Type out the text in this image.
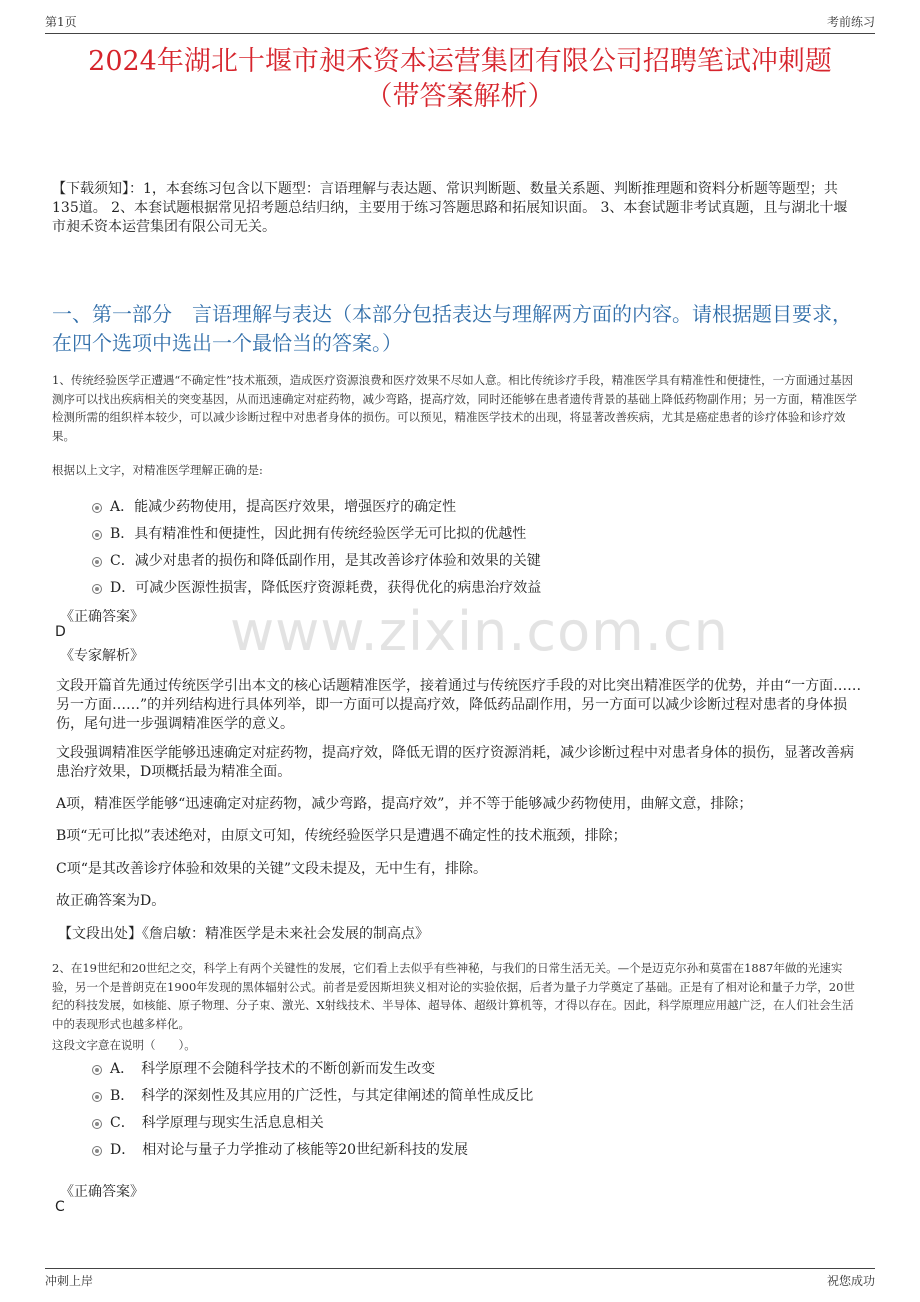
第1页	考前练习
2024年湖北十堰市昶禾资本运营集团有限公司招聘笔试冲刺题
（带答案解析）
【下载须知】：1，本套练习包含以下题型：言语理解与表达题、常识判断题、数量关系题、判断推理题和资料分析题等题型；共135道。 2、本套试题根据常见招考题总结归纳，主要用于练习答题思路和拓展知识面。 3、本套试题非考试真题，且与湖北十堰市昶禾资本运营集团有限公司无关。
一、第一部分　言语理解与表达（本部分包括表达与理解两方面的内容。请根据题目要求，在四个选项中选出一个最恰当的答案。）
1、传统经验医学正遭遇“不确定性”技术瓶颈，造成医疗资源浪费和医疗效果不尽如人意。相比传统诊疗手段，精准医学具有精准性和便捷性，一方面通过基因测序可以找出疾病相关的突变基因，从而迅速确定对症药物，减少弯路，提高疗效，同时还能够在患者遗传背景的基础上降低药物副作用；另一方面，精准医学检测所需的组织样本较少，可以减少诊断过程中对患者身体的损伤。可以预见，精准医学技术的出现，将显著改善疾病，尤其是癌症患者的诊疗体验和诊疗效果。
根据以上文字，对精准医学理解正确的是:
A．能减少药物使用，提高医疗效果，增强医疗的确定性
B．具有精准性和便捷性，因此拥有传统经验医学无可比拟的优越性
C．减少对患者的损伤和降低副作用，是其改善诊疗体验和效果的关键
D．可减少医源性损害，降低医疗资源耗费，获得优化的病患治疗效益
《正确答案》
D
《专家解析》 www.zixin.com.cn
文段开篇首先通过传统医学引出本文的核心话题精准医学，接着通过与传统医疗手段的对比突出精准医学的优势，并由“一方面……另一方面……”的并列结构进行具体列举，即一方面可以提高疗效，降低药品副作用，另一方面可以减少诊断过程对患者的身体损伤，尾句进一步强调精准医学的意义。
文段强调精准医学能够迅速确定对症药物，提高疗效，降低无谓的医疗资源消耗，减少诊断过程中对患者身体的损伤，显著改善病患治疗效果，D项概括最为精准全面。
A项，精准医学能够“迅速确定对症药物，减少弯路，提高疗效”，并不等于能够减少药物使用，曲解文意，排除；
B项“无可比拟”表述绝对，由原文可知，传统经验医学只是遭遇不确定性的技术瓶颈，排除；
C项“是其改善诊疗体验和效果的关键”文段未提及，无中生有，排除。
故正确答案为D。
【文段出处】《詹启敏：精准医学是未来社会发展的制高点》
2、在19世纪和20世纪之交，科学上有两个关键性的发展，它们看上去似乎有些神秘，与我们的日常生活无关。—个是迈克尔孙和莫雷在1887年做的光速实验，另一个是普朗克在1900年发现的黑体辐射公式。前者是爱因斯坦狭义相对论的实验依据，后者为量子力学奠定了基础。正是有了相对论和量子力学，20世纪的科技发展，如核能、原子物理、分子束、激光、X射线技术、半导体、超导体、超级计算机等，才得以存在。因此，科学原理应用越广泛，在人们社会生活中的表现形式也越多样化。
这段文字意在说明（　　）。
A．　科学原理不会随科学技术的不断创新而发生改变
B．　科学的深刻性及其应用的广泛性，与其定律阐述的简单性成反比
C．　科学原理与现实生活息息相关
D．　相对论与量子力学推动了核能等20世纪新科技的发展
《正确答案》
C
冲刺上岸	祝您成功
